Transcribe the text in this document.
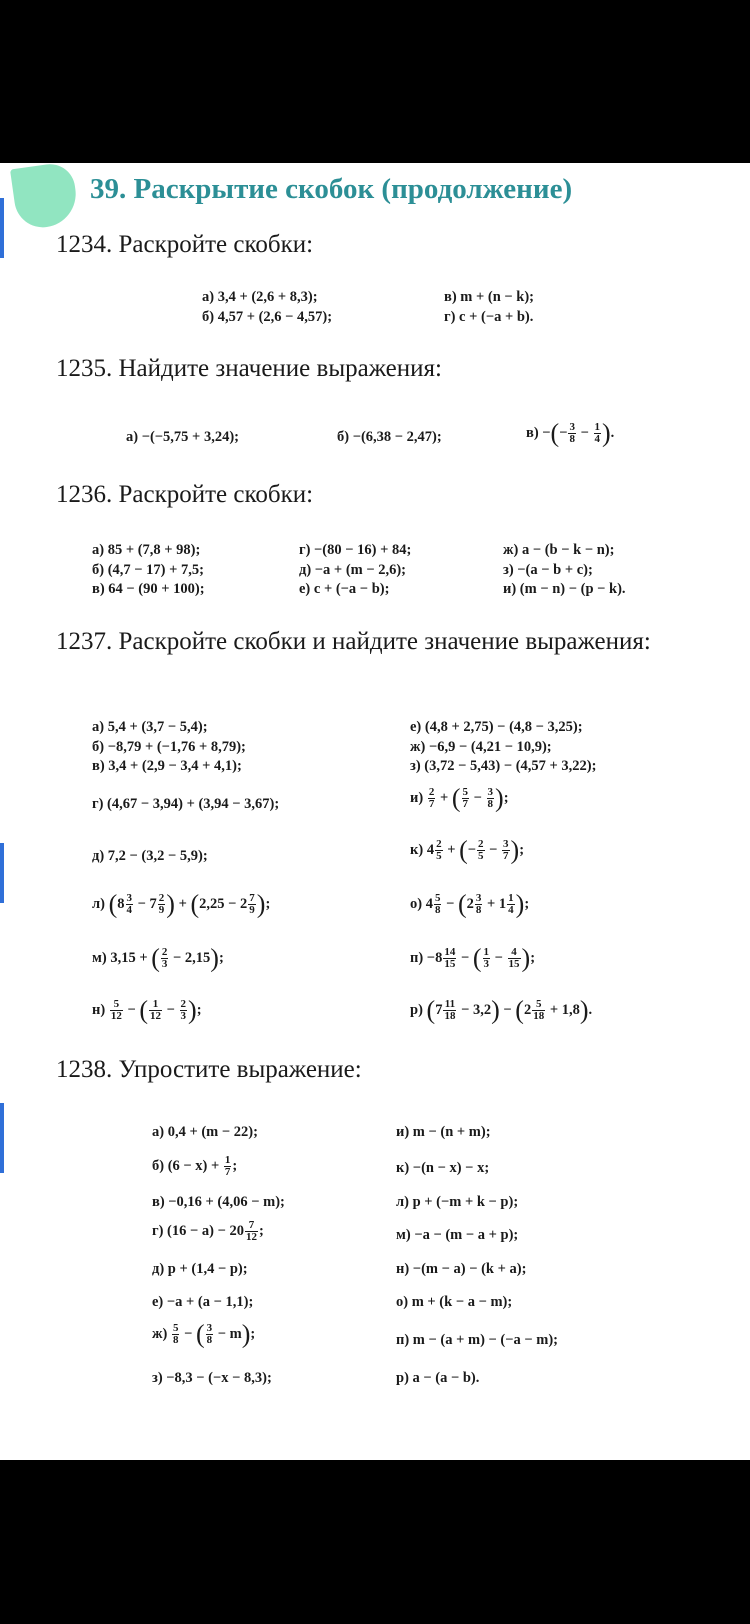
39. Раскрытие скобок (продолжение)
1234. Раскройте скобки:
а) 3,4 + (2,6 + 8,3);
б) 4,57 + (2,6 − 4,57);
в) m + (n − k);
г) c + (−a + b).
1235. Найдите значение выражения:
а) −(−5,75 + 3,24);	б) −(6,38 − 2,47);	в) −(− $\frac{3}{8} - \frac{1}{4}$ ).
1236. Раскройте скобки:
а) 85 + (7,8 + 98);
б) (4,7 − 17) + 7,5;
в) 64 − (90 + 100);
г) −(80 − 16) + 84;
д) −a + (m − 2,6);
е) c + (−a − b);
ж) a − (b − k − n);
з) −(a − b + c);
и) (m − n) − (p − k).
1237. Раскройте скобки и найдите значение выражения:
а) 5,4 + (3,7 − 5,4);
б) −8,79 + (−1,76 + 8,79);
в) 3,4 + (2,9 − 3,4 + 4,1);
е) (4,8 + 2,75) − (4,8 − 3,25);
ж) −6,9 − (4,21 − 10,9);
з) (3,72 − 5,43) − (4,57 + 3,22);
г) (4,67 − 3,94) + (3,94 − 3,67);
д) 7,2 − (3,2 − 5,9);
$и) \frac{2}{7}$ + ( $\frac{5}{7} - \frac{3}{8}$ );
к) $4 \frac{2}{5}$ + (− $\frac{2}{5} - \frac{3}{7}$ );
л) ($8 \frac{3}{4} - 7 \frac{2}{9}$ ) + ($2,25 - 2 \frac{7}{9}$ );	о) $4 \frac{5}{8} - (2 \frac{3}{8} + 1 \frac{1}{4}$ );
м) 3,15 + ( $\frac{2}{3} - 2,15$);	$п) -8 \frac{14}{15}$ − ( $\frac{1}{3} - \frac{4}{15}$ );
$н) \frac{5}{12}$ − ( $\frac{1}{12} - \frac{2}{3}$ );	р) $(7 \frac{11}{18} - 3,2) - (2 \frac{5}{18} + 1,8)$.
1238. Упростите выражение:
а) 0,4 + (m − 22);
б) $(6 - x) + \frac{1}{7}$ ;
в) −0,16 + (4,06 − m);
г) $(16 - a) - 20 \frac{7}{12}$ ;
д) p + (1,4 − p);
е) −a + (a − 1,1);
$ж) \frac{5}{8}$ − ( $\frac{3}{8} - m$);
з) −8,3 − (−x − 8,3);
и) m − (n + m);
к) −(n − x) − x;
л) p + (−m + k − p);
м) −a − (m − a + p);
н) −(m − a) − (k + a);
о) m + (k − a − m);
п) m − (a + m) − (−a − m);
р) a − (a − b).
